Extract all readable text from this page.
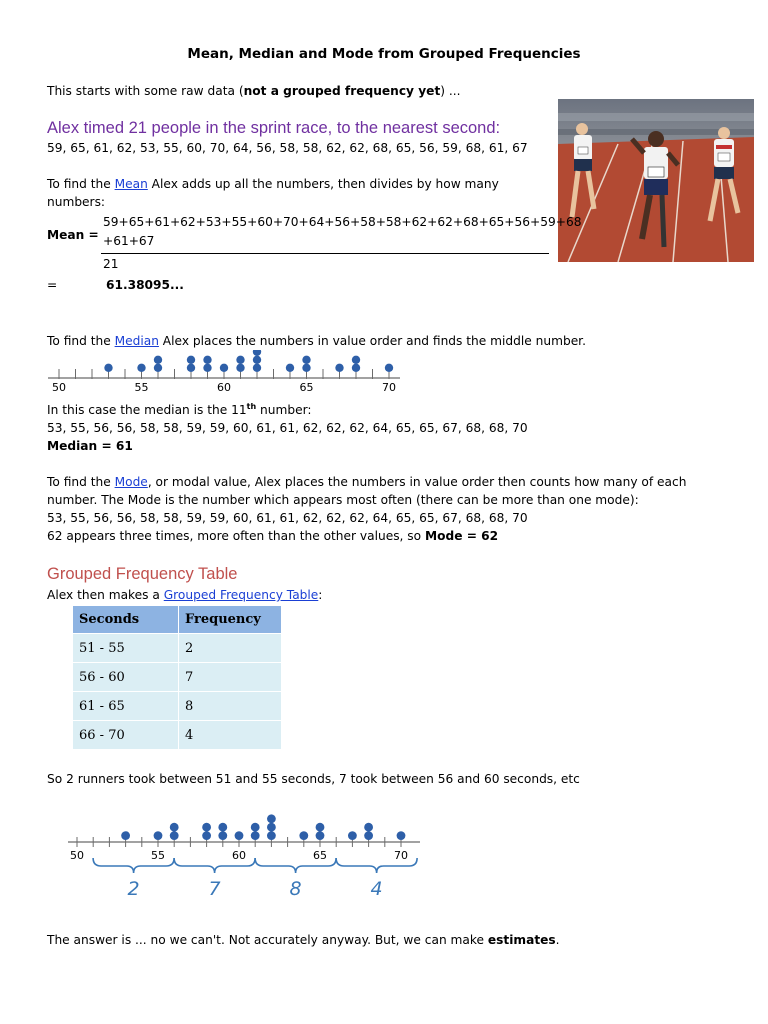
Mean, Median and Mode from Grouped Frequencies
This starts with some raw data (not a grouped frequency yet) ...
Alex timed 21 people in the sprint race, to the nearest second:
59, 65, 61, 62, 53, 55, 60, 70, 64, 56, 58, 58, 62, 62, 68, 65, 56, 59, 68, 61, 67
To find the Mean Alex adds up all the numbers, then divides by how many
numbers:
Mean =
59+65+61+62+53+55+60+70+64+56+58+58+62+62+68+65+56+59+68
+61+67
21
=	61.38095...
To find the Median Alex places the numbers in value order and finds the middle number.
50	55	60	65	70
In this case the median is the 11th number:
53, 55, 56, 56, 58, 58, 59, 59, 60, 61, 61, 62, 62, 62, 64, 65, 65, 67, 68, 68, 70
Median = 61
To find the Mode, or modal value, Alex places the numbers in value order then counts how many of each
number. The Mode is the number which appears most often (there can be more than one mode):
53, 55, 56, 56, 58, 58, 59, 59, 60, 61, 61, 62, 62, 62, 64, 65, 65, 67, 68, 68, 70
62 appears three times, more often than the other values, so Mode = 62
Grouped Frequency Table
Alex then makes a Grouped Frequency Table:
Seconds	Frequency
51 - 55	2
56 - 60	7
61 - 65	8
66 - 70	4
So 2 runners took between 51 and 55 seconds, 7 took between 56 and 60 seconds, etc
50	55	60	65	70
2	7	8	4
The answer is ... no we can't. Not accurately anyway. But, we can make estimates.
